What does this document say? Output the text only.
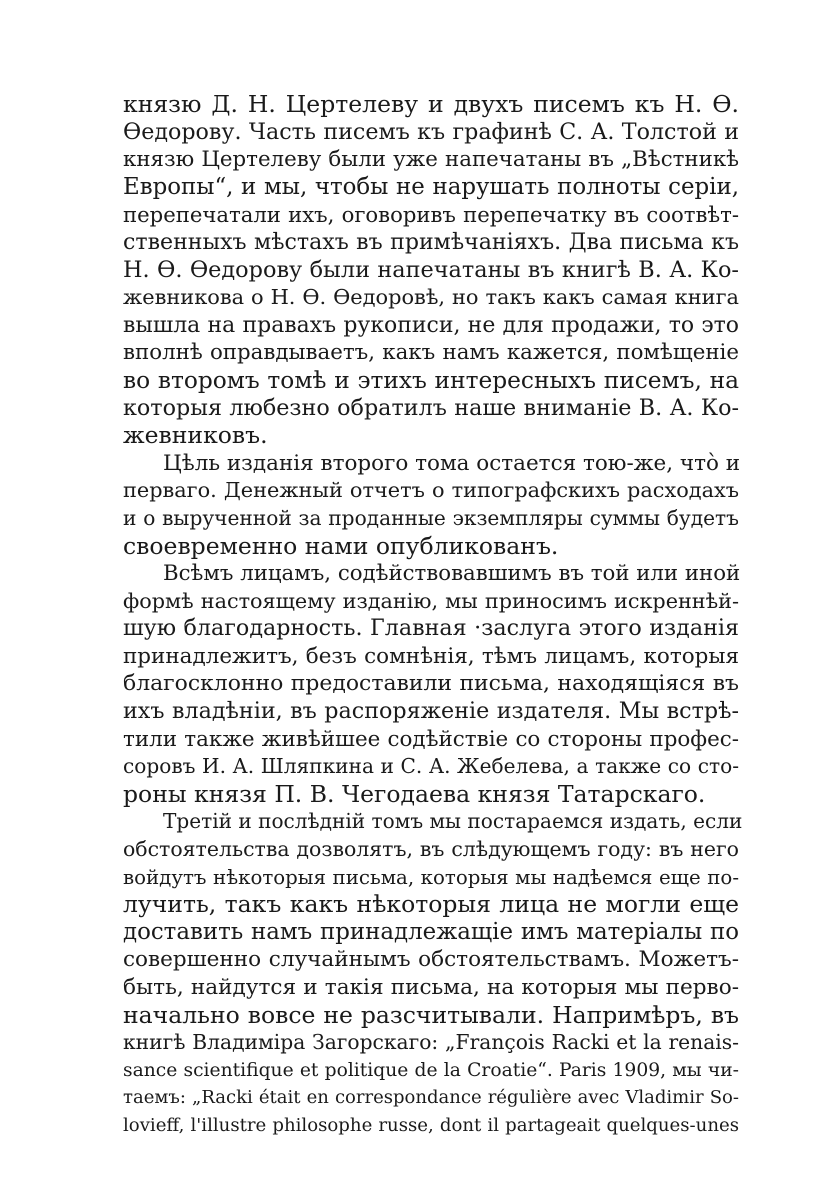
князю Д. Н. Цертелеву и двухъ писемъ къ Н. Ѳ.
Ѳедорову. Часть писемъ къ графинѣ С. А. Толстой и
князю Цертелеву были уже напечатаны въ „Вѣстникѣ
Европы“, и мы, чтобы не нарушать полноты серіи,
перепечатали ихъ, оговоривъ перепечатку въ соотвѣт-
ственныхъ мѣстахъ въ примѣчаніяхъ. Два письма къ
Н. Ѳ. Ѳедорову были напечатаны въ книгѣ В. А. Ко-
жевникова о Н. Ѳ. Ѳедоровѣ, но такъ какъ самая книга
вышла на правахъ рукописи, не для продажи, то это
вполнѣ оправдываетъ, какъ намъ кажется, помѣщеніе
во второмъ томѣ и этихъ интересныхъ писемъ, на
которыя любезно обратилъ наше вниманіе В. А. Ко-
жевниковъ.
Цѣль изданія второго тома остается тою-же, что̀ и
перваго. Денежный отчетъ о типографскихъ расходахъ
и о вырученной за проданные экземпляры суммы будетъ
своевременно нами опубликованъ.
Всѣмъ лицамъ, содѣйствовавшимъ въ той или иной
формѣ настоящему изданію, мы приносимъ искреннѣй-
шую благодарность. Главная ·заслуга этого изданія
принадлежитъ, безъ сомнѣнія, тѣмъ лицамъ, которыя
благосклонно предоставили письма, находящіяся въ
ихъ владѣніи, въ распоряженіе издателя. Мы встрѣ-
тили также живѣйшее содѣйствіе со стороны профес-
соровъ И. А. Шляпкина и С. А. Жебелева, а также со сто-
роны князя П. В. Чегодаева князя Татарскаго.
Третій и послѣдній томъ мы постараемся издать, если
обстоятельства дозволятъ, въ слѣдующемъ году: въ него
войдутъ нѣкоторыя письма, которыя мы надѣемся еще по-
лучить, такъ какъ нѣкоторыя лица не могли еще
доставить намъ принадлежащіе имъ матеріалы по
совершенно случайнымъ обстоятельствамъ. Можетъ-
быть, найдутся и такія письма, на которыя мы перво-
начально вовсе не разсчитывали. Напримѣръ, въ
книгѣ Владиміра Загорскаго: „François Racki et la renais-
sance scientifique et politique de la Croatie“. Paris 1909, мы чи-
таемъ: „Racki était en correspondance régulière avec Vladimir So-
lovieff, l'illustre philosophe russe, dont il partageait quelques-unes
